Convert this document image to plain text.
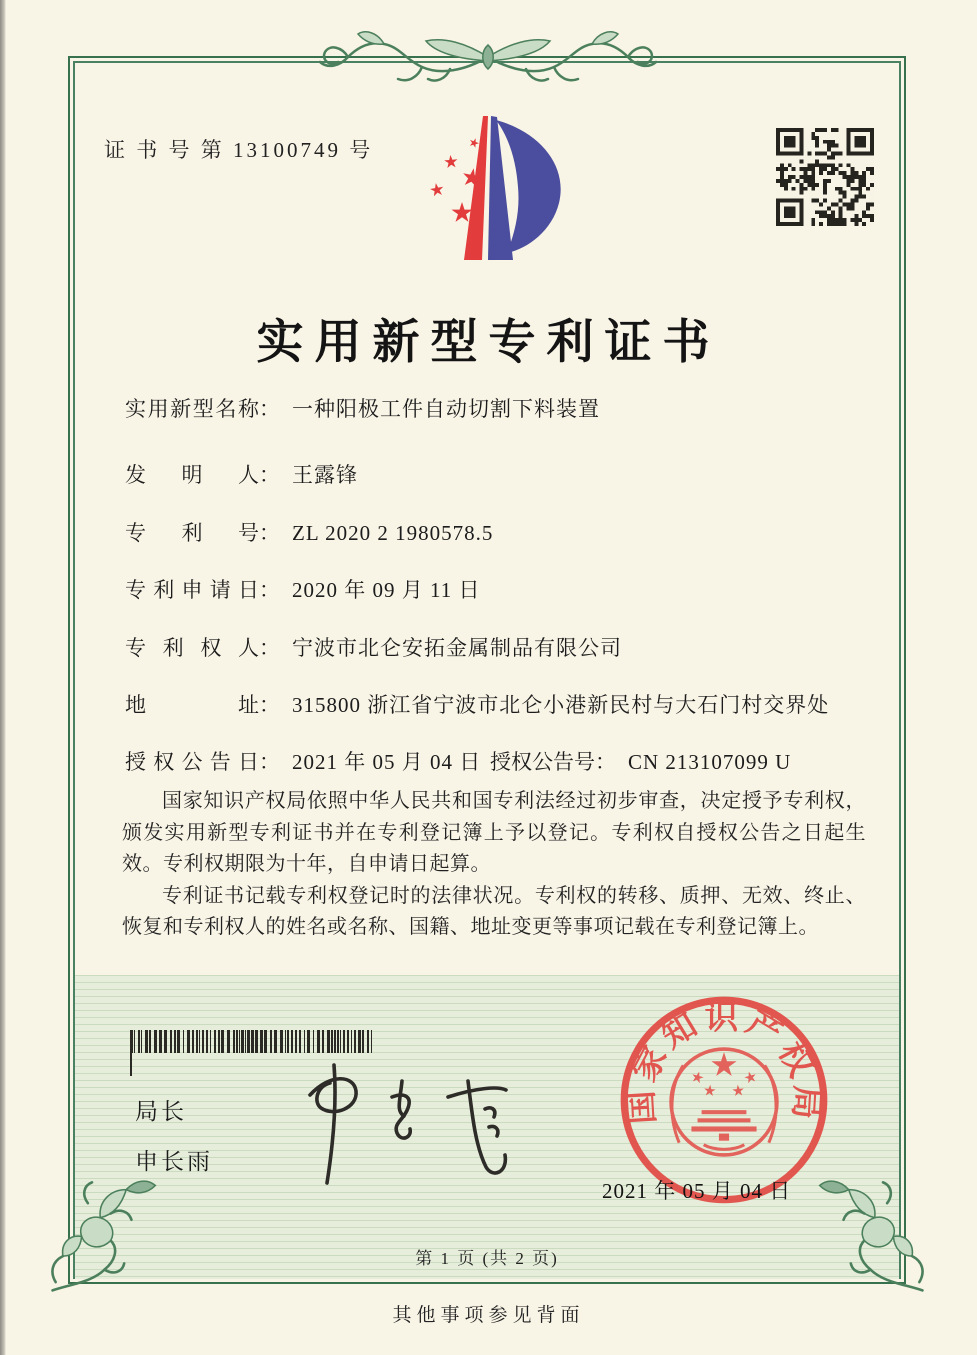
证 书 号 第 13100749 号
实用新型专利证书
实用新型名称： 一种阳极工件自动切割下料装置
发明人： 王露锋
专利号： ZL 2020 2 1980578.5
专利申请日： 2020 年 09 月 11 日
专利权人： 宁波市北仑安拓金属制品有限公司
地址： 315800 浙江省宁波市北仑小港新民村与大石门村交界处
授权公告日： 2021 年 05 月 04 日 授权公告号： CN 213107099 U

国家知识产权局依照中华人民共和国专利法经过初步审查，决定授予专利权，颁发实用新型专利证书并在专利登记簿上予以登记。专利权自授权公告之日起生效。专利权期限为十年，自申请日起算。

专利证书记载专利权登记时的法律状况。专利权的转移、质押、无效、终止、恢复和专利权人的姓名或名称、国籍、地址变更等事项记载在专利登记簿上。

局长
申长雨
国家知识产权局
2021 年 05 月 04 日
第 1 页 (共 2 页)
其他事项参见背面
